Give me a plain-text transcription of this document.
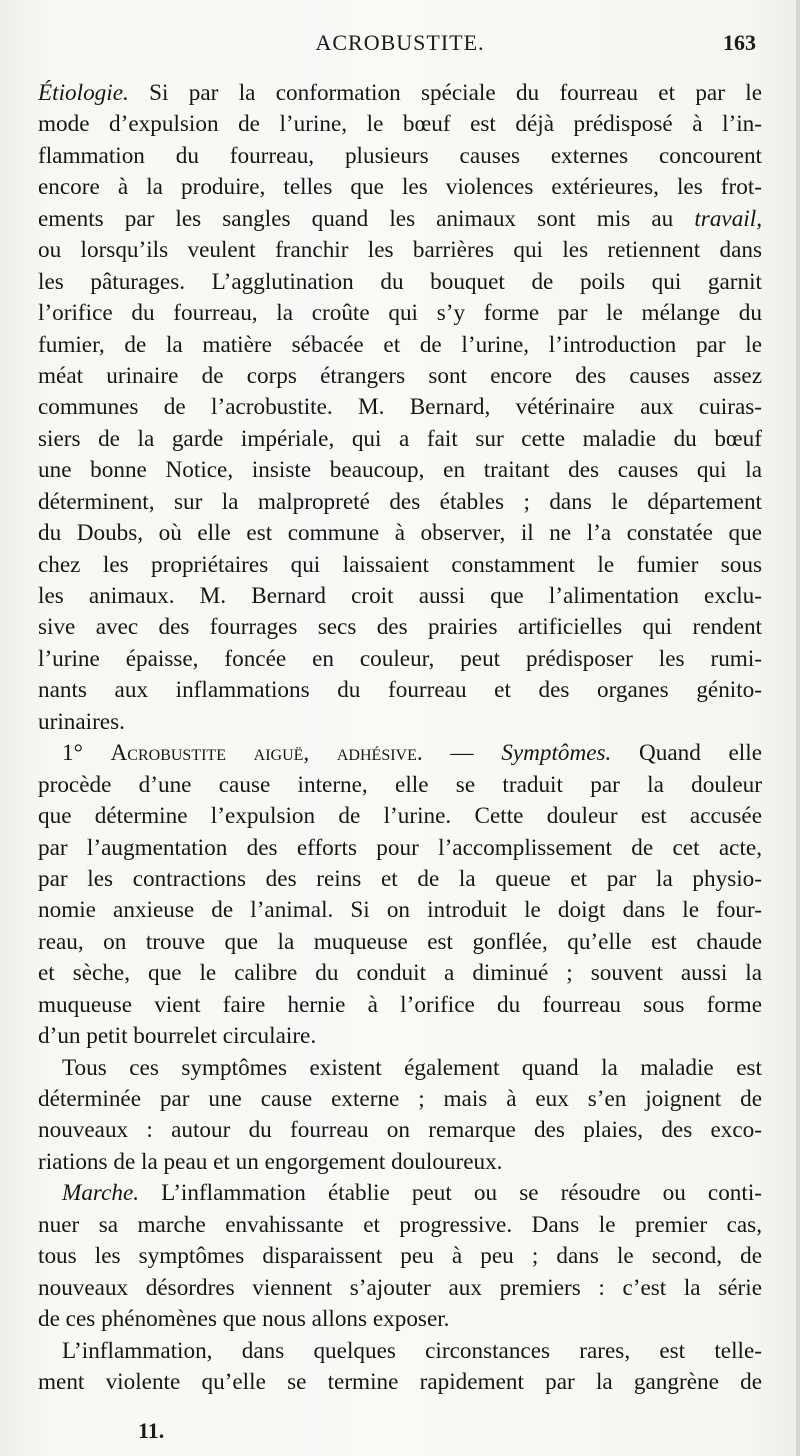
ACROBUSTITE.	163
Étiologie. Si par la conformation spéciale du fourreau et par le
mode d’expulsion de l’urine, le bœuf est déjà prédisposé à l’in-
flammation du fourreau, plusieurs causes externes concourent
encore à la produire, telles que les violences extérieures, les frot-
ements par les sangles quand les animaux sont mis au travail,
ou lorsqu’ils veulent franchir les barrières qui les retiennent dans
les pâturages. L’agglutination du bouquet de poils qui garnit
l’orifice du fourreau, la croûte qui s’y forme par le mélange du
fumier, de la matière sébacée et de l’urine, l’introduction par le
méat urinaire de corps étrangers sont encore des causes assez
communes de l’acrobustite. M. Bernard, vétérinaire aux cuiras-
siers de la garde impériale, qui a fait sur cette maladie du bœuf
une bonne Notice, insiste beaucoup, en traitant des causes qui la
déterminent, sur la malpropreté des étables ; dans le département
du Doubs, où elle est commune à observer, il ne l’a constatée que
chez les propriétaires qui laissaient constamment le fumier sous
les animaux. M. Bernard croit aussi que l’alimentation exclu-
sive avec des fourrages secs des prairies artificielles qui rendent
l’urine épaisse, foncée en couleur, peut prédisposer les rumi-
nants aux inflammations du fourreau et des organes génito-
urinaires.
1° Acrobustite aiguë, adhésive. — Symptômes. Quand elle
procède d’une cause interne, elle se traduit par la douleur
que détermine l’expulsion de l’urine. Cette douleur est accusée
par l’augmentation des efforts pour l’accomplissement de cet acte,
par les contractions des reins et de la queue et par la physio-
nomie anxieuse de l’animal. Si on introduit le doigt dans le four-
reau, on trouve que la muqueuse est gonflée, qu’elle est chaude
et sèche, que le calibre du conduit a diminué ; souvent aussi la
muqueuse vient faire hernie à l’orifice du fourreau sous forme
d’un petit bourrelet circulaire.
Tous ces symptômes existent également quand la maladie est
déterminée par une cause externe ; mais à eux s’en joignent de
nouveaux : autour du fourreau on remarque des plaies, des exco-
riations de la peau et un engorgement douloureux.
Marche. L’inflammation établie peut ou se résoudre ou conti-
nuer sa marche envahissante et progressive. Dans le premier cas,
tous les symptômes disparaissent peu à peu ; dans le second, de
nouveaux désordres viennent s’ajouter aux premiers : c’est la série
de ces phénomènes que nous allons exposer.
L’inflammation, dans quelques circonstances rares, est telle-
ment violente qu’elle se termine rapidement par la gangrène de
11.
